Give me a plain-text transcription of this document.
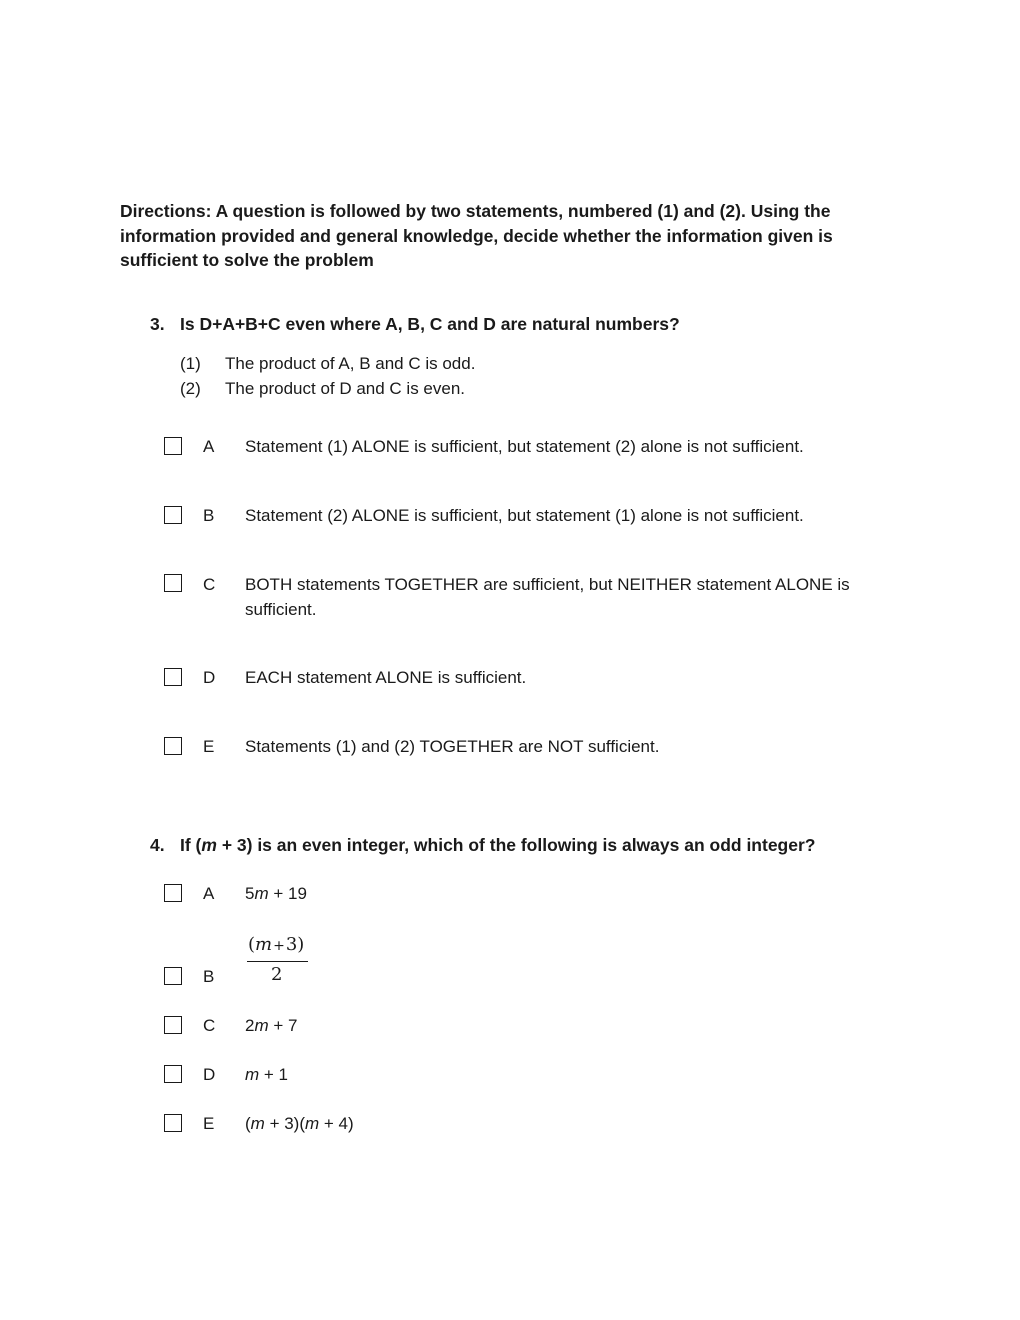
Directions: A question is followed by two statements, numbered (1) and (2). Using the information provided and general knowledge, decide whether the information given is sufficient to solve the problem
3. Is D+A+B+C even where A, B, C and D are natural numbers?
(1) The product of A, B and C is odd.
(2) The product of D and C is even.
A Statement (1) ALONE is sufficient, but statement (2) alone is not sufficient.
B Statement (2) ALONE is sufficient, but statement (1) alone is not sufficient.
C BOTH statements TOGETHER are sufficient, but NEITHER statement ALONE is sufficient.
D EACH statement ALONE is sufficient.
E Statements (1) and (2) TOGETHER are NOT sufficient.
4. If (m + 3) is an even integer, which of the following is always an odd integer?
A 5m + 19
B
(m+3)
2
C 2m + 7
D m + 1
E (m + 3)(m + 4)
